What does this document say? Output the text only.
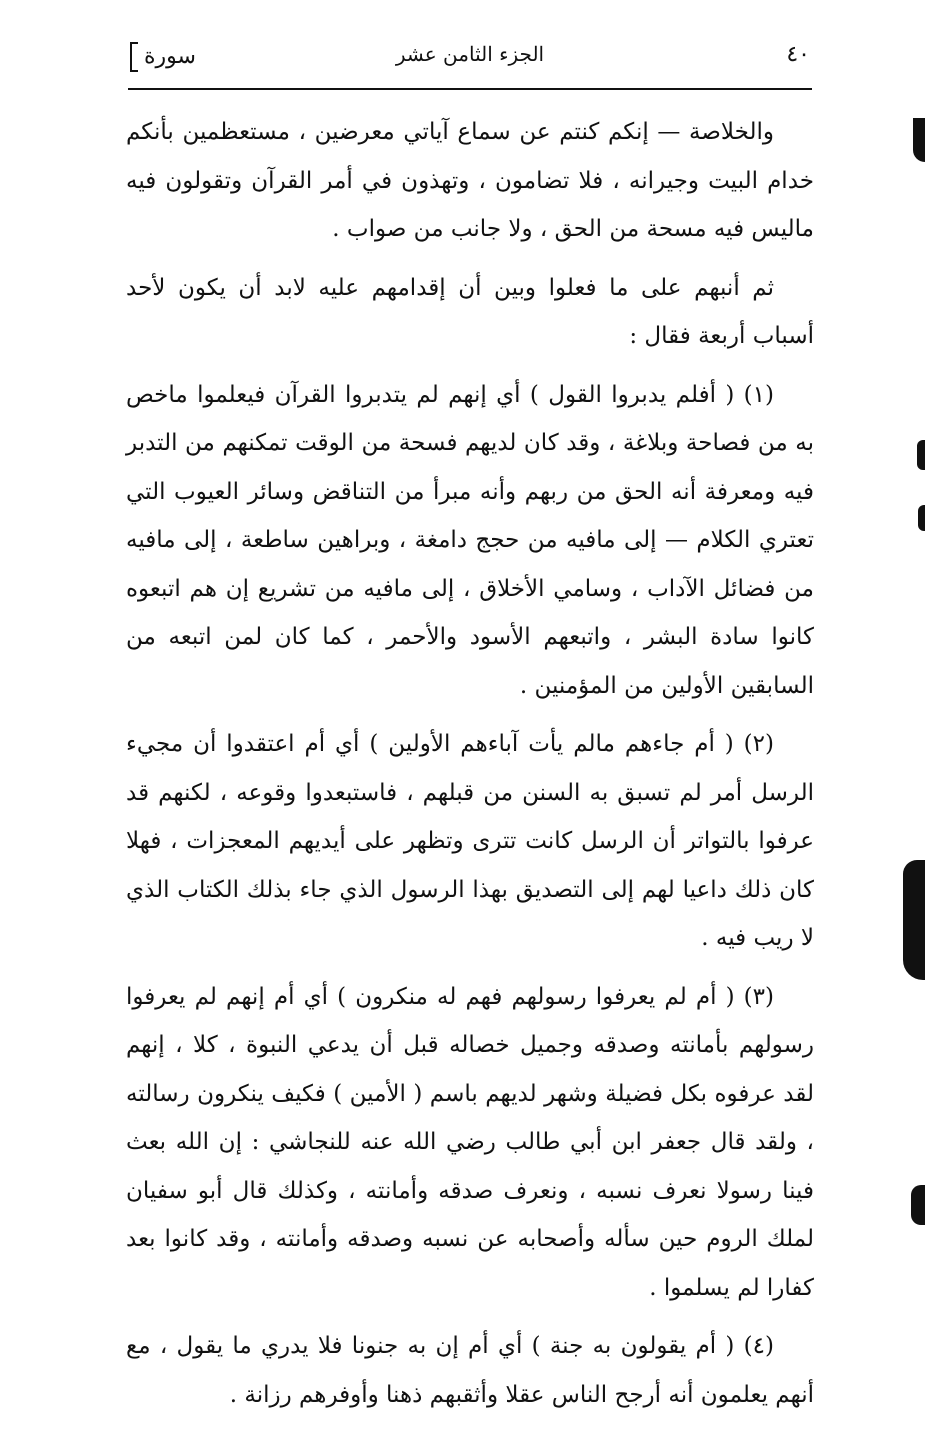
٤٠
الجزء الثامن عشر
سورة

والخلاصة — إنكم كنتم عن سماع آياتي معرضين ، مستعظمين بأنكم خدام البيت وجيرانه ، فلا تضامون ، وتهذون في أمر القرآن وتقولون فيه ماليس فيه مسحة من الحق ، ولا جانب من صواب .

ثم أنبهم على ما فعلوا وبين أن إقدامهم عليه لابد أن يكون لأحد أسباب أربعة فقال :

(١) ( أفلم يدبروا القول ) أي إنهم لم يتدبروا القرآن فيعلموا ماخص به من فصاحة وبلاغة ، وقد كان لديهم فسحة من الوقت تمكنهم من التدبر فيه ومعرفة أنه الحق من ربهم وأنه مبرأ من التناقض وسائر العيوب التي تعتري الكلام — إلى مافيه من حجج دامغة ، وبراهين ساطعة ، إلى مافيه من فضائل الآداب ، وسامي الأخلاق ، إلى مافيه من تشريع إن هم اتبعوه كانوا سادة البشر ، واتبعهم الأسود والأحمر ، كما كان لمن اتبعه من السابقين الأولين من المؤمنين .

(٢) ( أم جاءهم مالم يأت آباءهم الأولين ) أي أم اعتقدوا أن مجيء الرسل أمر لم تسبق به السنن من قبلهم ، فاستبعدوا وقوعه ، لكنهم قد عرفوا بالتواتر أن الرسل كانت تترى وتظهر على أيديهم المعجزات ، فهلا كان ذلك داعيا لهم إلى التصديق بهذا الرسول الذي جاء بذلك الكتاب الذي لا ريب فيه .

(٣) ( أم لم يعرفوا رسولهم فهم له منكرون ) أي أم إنهم لم يعرفوا رسولهم بأمانته وصدقه وجميل خصاله قبل أن يدعي النبوة ، كلا ، إنهم لقد عرفوه بكل فضيلة وشهر لديهم باسم ( الأمين ) فكيف ينكرون رسالته ، ولقد قال جعفر ابن أبي طالب رضي الله عنه للنجاشي : إن الله بعث فينا رسولا نعرف نسبه ، ونعرف صدقه وأمانته ، وكذلك قال أبو سفيان لملك الروم حين سأله وأصحابه عن نسبه وصدقه وأمانته ، وقد كانوا بعد كفارا لم يسلموا .

(٤) ( أم يقولون به جنة ) أي أم إن به جنونا فلا يدري ما يقول ، مع أنهم يعلمون أنه أرجح الناس عقلا وأثقبهم ذهنا وأوفرهم رزانة .
